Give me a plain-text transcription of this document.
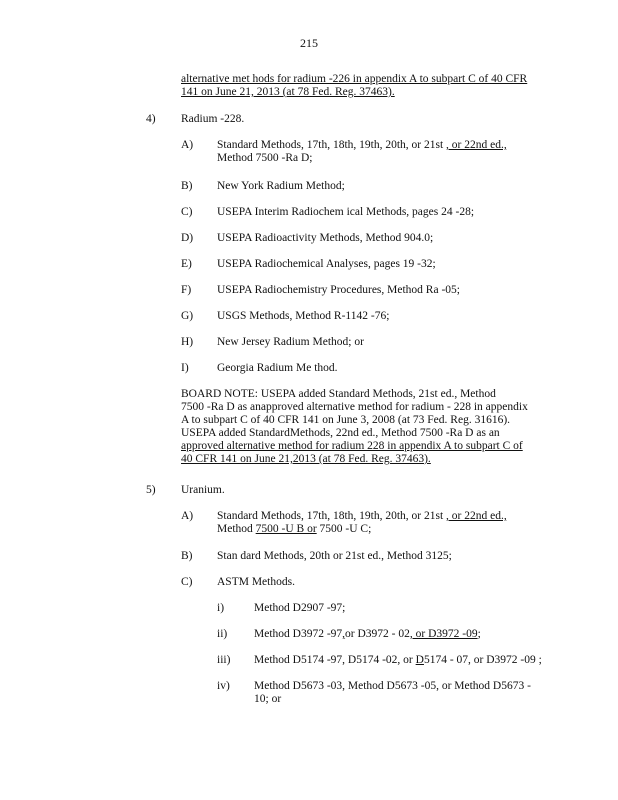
215
alternative met hods for radium -226 in appendix A to subpart C of 40 CFR
141 on June 21, 2013 (at 78 Fed. Reg. 37463).
4) Radium -228.
A) Standard Methods, 17th, 18th, 19th, 20th, or 21st , or 22nd ed.,
Method 7500 -Ra D;
B) New York Radium Method;
C) USEPA Interim Radiochem ical Methods, pages 24 -28;
D) USEPA Radioactivity Methods, Method 904.0;
E) USEPA Radiochemical Analyses, pages 19 -32;
F) USEPA Radiochemistry Procedures, Method Ra -05;
G) USGS Methods, Method R-1142 -76;
H) New Jersey Radium Method; or
I) Georgia Radium Me thod.
BOARD NOTE: USEPA added Standard Methods, 21st ed., Method
7500 -Ra D as anapproved alternative method for radium - 228 in appendix
A to subpart C of 40 CFR 141 on June 3, 2008 (at 73 Fed. Reg. 31616).
USEPA added StandardMethods, 22nd ed., Method 7500 -Ra D as an
approved alternative method for radium 228 in appendix A to subpart C of
40 CFR 141 on June 21,2013 (at 78 Fed. Reg. 37463).
5) Uranium.
A) Standard Methods, 17th, 18th, 19th, 20th, or 21st , or 22nd ed.,
Method 7500 -U B or 7500 -U C;
B) Stan dard Methods, 20th or 21st ed., Method 3125;
C) ASTM Methods.
i)	Method D2907 -97;
ii) Method D3972 -97,or D3972 - 02, or D3972 -09;
iii) Method D5174 -97, D5174 -02, or D5174 - 07, or D3972 -09 ;
iv) Method D5673 -03, Method D5673 -05, or Method D5673 -
10; or
